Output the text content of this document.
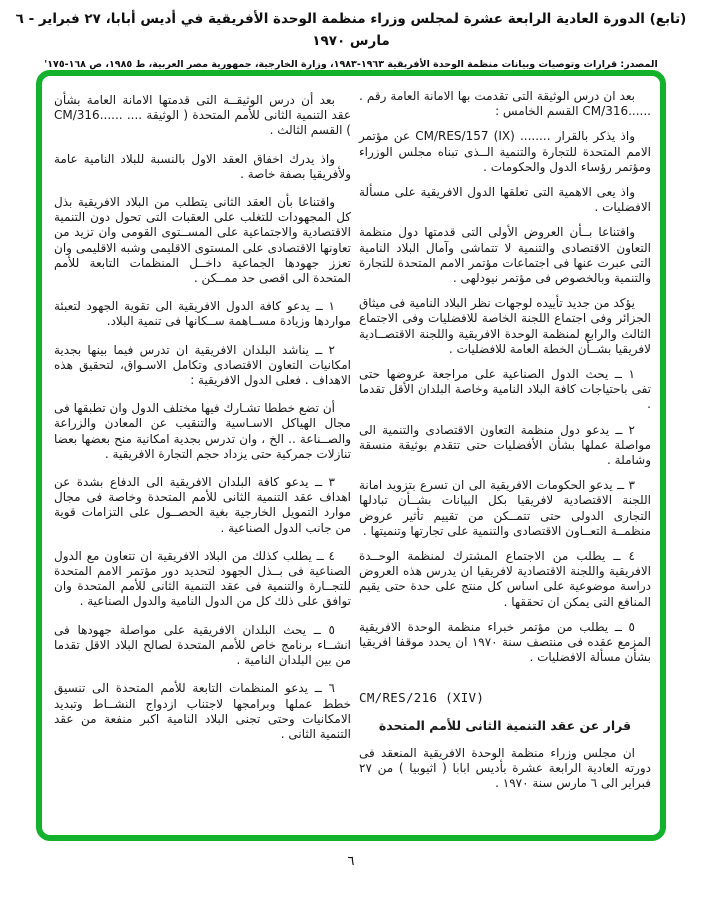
(تابع) الدورة العادية الرابعة عشرة لمجلس وزراء منظمة الوحدة الأفريقية في أديس أبابا، ٢٧ فبراير - ٦ مارس ١٩٧٠
المصدر: قرارات وتوصيات وبيانات منظمة الوحدة الأفريقية ١٩٦٣-١٩٨٣، وزارة الخارجية، جمهورية مصر العربية، ط ١٩٨٥، ص ١٦٨-١٧٥'

بعد ان درس الوثيقة التى تقدمت بها الامانة العامة رقم . ......CM/316 القسم الخامس :

واذ يذكر بالقرار ........ CM/RES/157 (IX) عن مؤتمر الامم المتحدة للتجارة والتنمية الــذى تبناه مجلس الوزراء ومؤتمر رؤساء الدول والحكومات .

واذ يعى الاهمية التى تعلقها الدول الافريقية على مسألة الافضليات .

واقتناعا بــأن العروض الأولى التى قدمتها دول منظمة التعاون الاقتصادى والتنمية لا تتماشى وآمال البلاد النامية التى عبرت عنها فى اجتماعات مؤتمر الامم المتحدة للتجارة والتنمية وبالخصوص فى مؤتمر نيودلهى .

يؤكد من جديد تأييده لوجهات نظر البلاد النامية فى ميثاق الجزائر وفى اجتماع اللجنة الخاصة للافضليات وفى الاجتماع الثالث والرابع لمنظمة الوحدة الافريقية واللجنة الاقتصــادية لافريقيا بشــأن الخطة العامة للافضليات .

١ ــ يحث الدول الصناعية على مراجعة عروضها حتى تفى باحتياجات كافة البلاد النامية وخاصة البلدان الأقل تقدما .

٢ ــ يدعو دول منظمة التعاون الاقتصادى والتنمية الى مواصلة عملها بشأن الأفضليات حتى تتقدم بوثيقة منسقة وشاملة .

٣ ــ يدعو الحكومات الافريقية الى ان تسرع بتزويد امانة اللجنة الاقتصادية لافريقيا بكل البيانات بشــأن تبادلها التجارى الدولى حتى تتمــكن من تقييم تأثير عروض منظمــة التعــاون الاقتصادى والتنمية على تجارتها وتنميتها .

٤ ــ يطلب من الاجتماع المشترك لمنظمة الوحــدة الافريقية واللجنة الاقتصادية لافريقيا ان يدرس هذه العروض دراسة موضوعية على اساس كل منتج على حدة حتى يقيم المنافع التى يمكن ان تحققها .

٥ ــ يطلب من مؤتمر خبراء منظمة الوحدة الافريقية المزمع عقده فى منتصف سنة ١٩٧٠ ان يحدد موقفا افريقيا بشأن مسألة الافضليات .

CM/RES/216 (XIV)

قرار عن عقد التنمية الثانى للأمم المتحدة

ان مجلس وزراء منظمة الوحدة الافريقية المنعقد فى دورته العادية الرابعة عشرة بأديس ابابا ( اثيوبيا ) من ٢٧ فبراير الى ٦ مارس سنة ١٩٧٠ .

بعد أن درس الوثيقــة التى قدمتها الامانة العامة بشأن عقد التنمية الثانى للأمم المتحدة ( الوثيقة .... ......CM/316 ) القسم الثالث .

واذ يدرك اخفاق العقد الاول بالنسبة للبلاد النامية عامة ولأفريقيا بصفة خاصة .

واقتناعا بأن العقد الثانى يتطلب من البلاد الافريقية بذل كل المجهودات للتغلب على العقبات التى تحول دون التنمية الاقتصادية والاجتماعية على المســتوى القومى وان تزيد من تعاونها الاقتصادى على المستوى الاقليمى وشبه الاقليمى وان تعزز جهودها الجماعية داخــل المنظمات التابعة للأمم المتحدة الى اقصى حد ممــكن .

١ ــ يدعو كافة الدول الافريقية الى تقوية الجهود لتعبئة مواردها وزيادة مســاهمة ســكانها فى تنمية البلاد.

٢ ــ يناشد البلدان الافريقية ان تدرس فيما بينها بجدية امكانيات التعاون الاقتصادى وتكامل الاسـواق، لتحقيق هذه الاهداف . فعلى الدول الافريقية :

أن تضع خططا تشـارك فيها مختلف الدول وان تطبقها فى مجال الهياكل الاسـاسية والتنقيب عن المعادن والزراعة والصــناعة .. الخ ، وان تدرس بجدية امكانية منح بعضها بعضا تنازلات جمركية حتى يزداد حجم التجارة الافريقية .

٣ ــ يدعو كافة البلدان الافريقية الى الدفاع بشدة عن اهداف عقد التنمية الثانى للأمم المتحدة وخاصة فى مجال موارد التمويل الخارجية بغية الحصــول على التزامات قوية من جانب الدول الصناعية .

٤ ــ يطلب كذلك من البلاد الافريقية ان تتعاون مع الدول الصناعية فى بــذل الجهود لتحديد دور مؤتمر الامم المتحدة للتجــارة والتنمية فى عقد التنمية الثانى للأمم المتحدة وان توافق على ذلك كل من الدول النامية والدول الصناعية .

٥ ــ يحث البلدان الافريقية على مواصلة جهودها فى انشــاء برنامج خاص للأمم المتحدة لصالح البلاد الاقل تقدما من بين البلدان النامية .

٦ ــ يدعو المنظمات التابعة للأمم المتحدة الى تنسيق خطط عملها وبرامجها لاجتناب ازدواج النشــاط وتبديد الامكانيات وحتى تجنى البلاد النامية اكبر منفعة من عقد التنمية الثانى .

٦
